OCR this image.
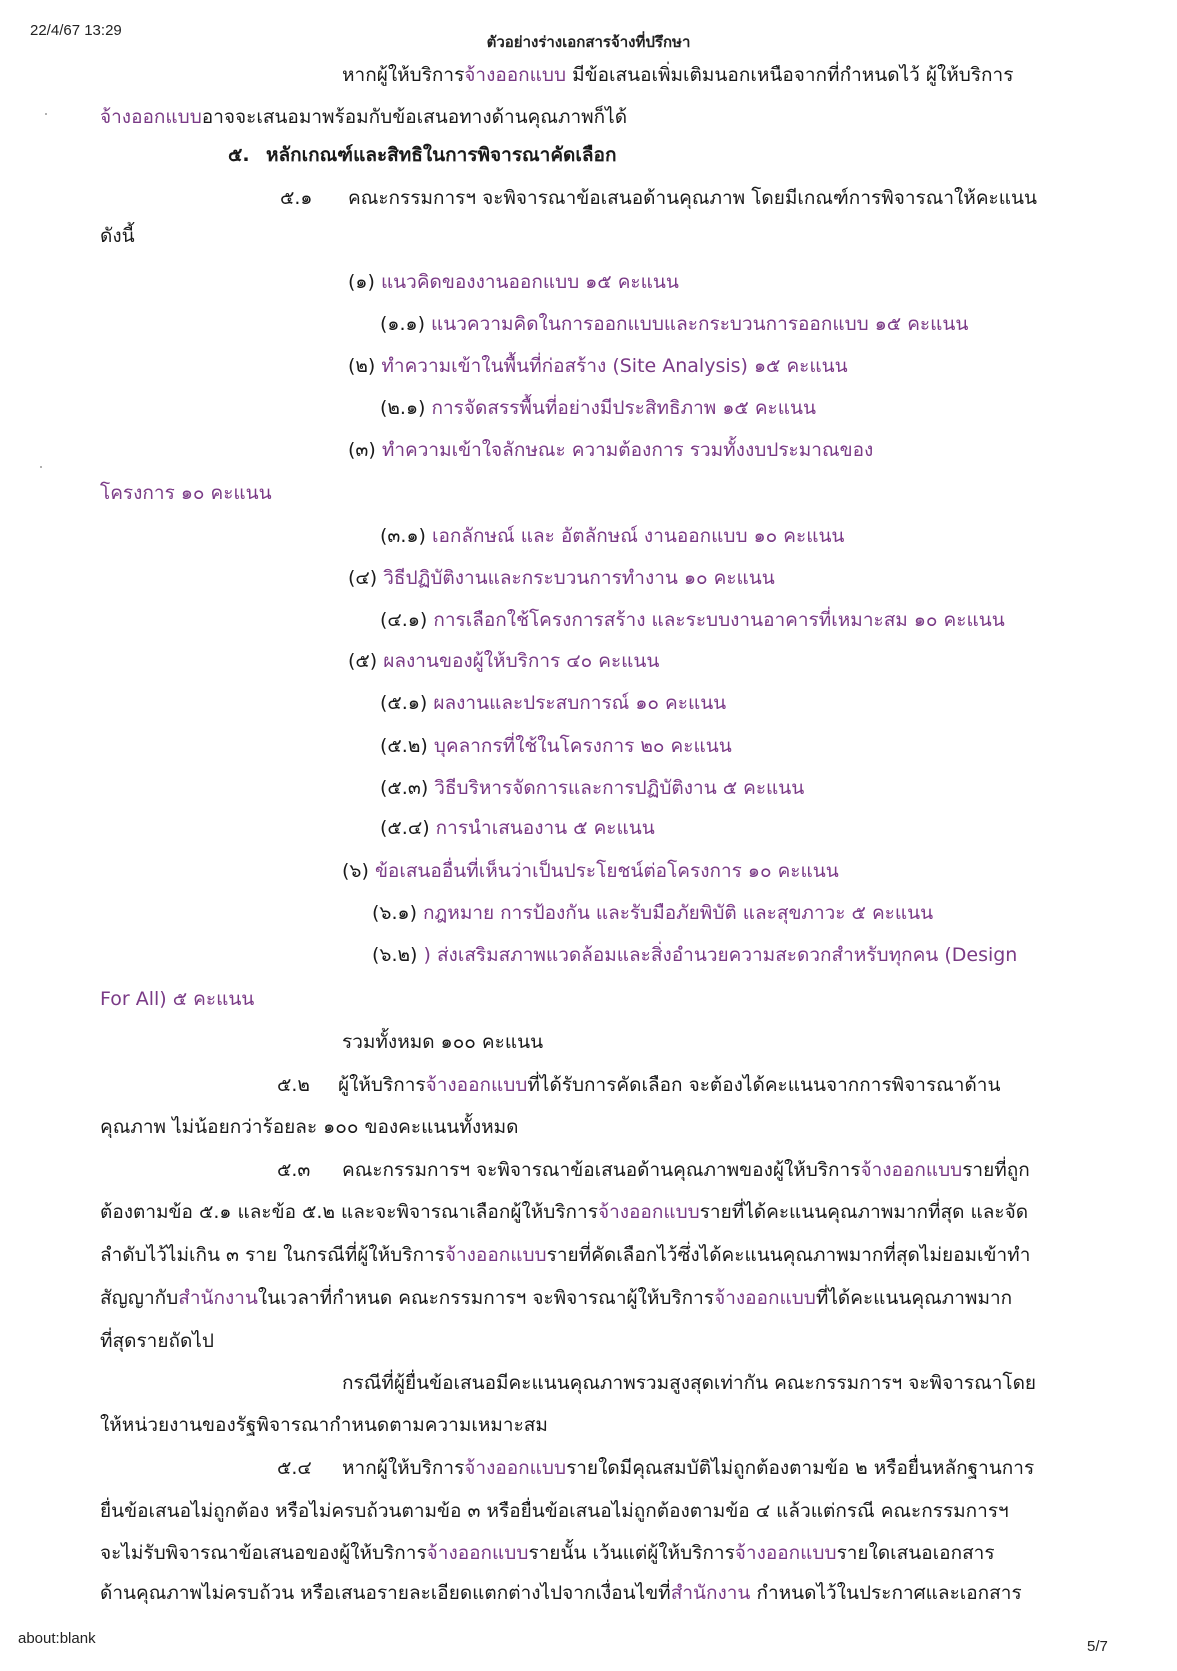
22/4/67 13:29
ตัวอย่างร่างเอกสารจ้างที่ปรึกษา
หากผู้ให้บริการจ้างออกแบบ มีข้อเสนอเพิ่มเติมนอกเหนือจากที่กำหนดไว้ ผู้ให้บริการ
จ้างออกแบบอาจจะเสนอมาพร้อมกับข้อเสนอทางด้านคุณภาพก็ได้
๕. หลักเกณฑ์และสิทธิในการพิจารณาคัดเลือก
๕.๑ คณะกรรมการฯ จะพิจารณาข้อเสนอด้านคุณภาพ โดยมีเกณฑ์การพิจารณาให้คะแนน
ดังนี้
(๑) แนวคิดของงานออกแบบ ๑๕ คะแนน
(๑.๑) แนวความคิดในการออกแบบและกระบวนการออกแบบ ๑๕ คะแนน
(๒) ทำความเข้าในพื้นที่ก่อสร้าง (Site Analysis) ๑๕ คะแนน
(๒.๑) การจัดสรรพื้นที่อย่างมีประสิทธิภาพ ๑๕ คะแนน
(๓) ทำความเข้าใจลักษณะ ความต้องการ รวมทั้งงบประมาณของ
โครงการ ๑๐ คะแนน
(๓.๑) เอกลักษณ์ และ อัตลักษณ์ งานออกแบบ ๑๐ คะแนน
(๔) วิธีปฏิบัติงานและกระบวนการทำงาน ๑๐ คะแนน
(๔.๑) การเลือกใช้โครงการสร้าง และระบบงานอาคารที่เหมาะสม ๑๐ คะแนน
(๕) ผลงานของผู้ให้บริการ ๔๐ คะแนน
(๕.๑) ผลงานและประสบการณ์ ๑๐ คะแนน
(๕.๒) บุคลากรที่ใช้ในโครงการ ๒๐ คะแนน
(๕.๓) วิธีบริหารจัดการและการปฏิบัติงาน ๕ คะแนน
(๕.๔) การนำเสนองาน ๕ คะแนน
(๖) ข้อเสนออื่นที่เห็นว่าเป็นประโยชน์ต่อโครงการ ๑๐ คะแนน
(๖.๑) กฎหมาย การป้องกัน และรับมือภัยพิบัติ และสุขภาวะ ๕ คะแนน
(๖.๒) ) ส่งเสริมสภาพแวดล้อมและสิ่งอำนวยความสะดวกสำหรับทุกคน (Design
For All) ๕ คะแนน
รวมทั้งหมด ๑๐๐ คะแนน
๕.๒ ผู้ให้บริการจ้างออกแบบที่ได้รับการคัดเลือก จะต้องได้คะแนนจากการพิจารณาด้าน
คุณภาพ ไม่น้อยกว่าร้อยละ ๑๐๐ ของคะแนนทั้งหมด
๕.๓ คณะกรรมการฯ จะพิจารณาข้อเสนอด้านคุณภาพของผู้ให้บริการจ้างออกแบบรายที่ถูก
ต้องตามข้อ ๕.๑ และข้อ ๕.๒ และจะพิจารณาเลือกผู้ให้บริการจ้างออกแบบรายที่ได้คะแนนคุณภาพมากที่สุด และจัด
ลำดับไว้ไม่เกิน ๓ ราย ในกรณีที่ผู้ให้บริการจ้างออกแบบรายที่คัดเลือกไว้ซึ่งได้คะแนนคุณภาพมากที่สุดไม่ยอมเข้าทำ
สัญญากับสำนักงานในเวลาที่กำหนด คณะกรรมการฯ จะพิจารณาผู้ให้บริการจ้างออกแบบที่ได้คะแนนคุณภาพมาก
ที่สุดรายถัดไป
กรณีที่ผู้ยื่นข้อเสนอมีคะแนนคุณภาพรวมสูงสุดเท่ากัน คณะกรรมการฯ จะพิจารณาโดย
ให้หน่วยงานของรัฐพิจารณากำหนดตามความเหมาะสม
๕.๔ หากผู้ให้บริการจ้างออกแบบรายใดมีคุณสมบัติไม่ถูกต้องตามข้อ ๒ หรือยื่นหลักฐานการ
ยื่นข้อเสนอไม่ถูกต้อง หรือไม่ครบถ้วนตามข้อ ๓ หรือยื่นข้อเสนอไม่ถูกต้องตามข้อ ๔ แล้วแต่กรณี คณะกรรมการฯ
จะไม่รับพิจารณาข้อเสนอของผู้ให้บริการจ้างออกแบบรายนั้น เว้นแต่ผู้ให้บริการจ้างออกแบบรายใดเสนอเอกสาร
ด้านคุณภาพไม่ครบถ้วน หรือเสนอรายละเอียดแตกต่างไปจากเงื่อนไขที่สำนักงาน กำหนดไว้ในประกาศและเอกสาร
about:blank	5/7
